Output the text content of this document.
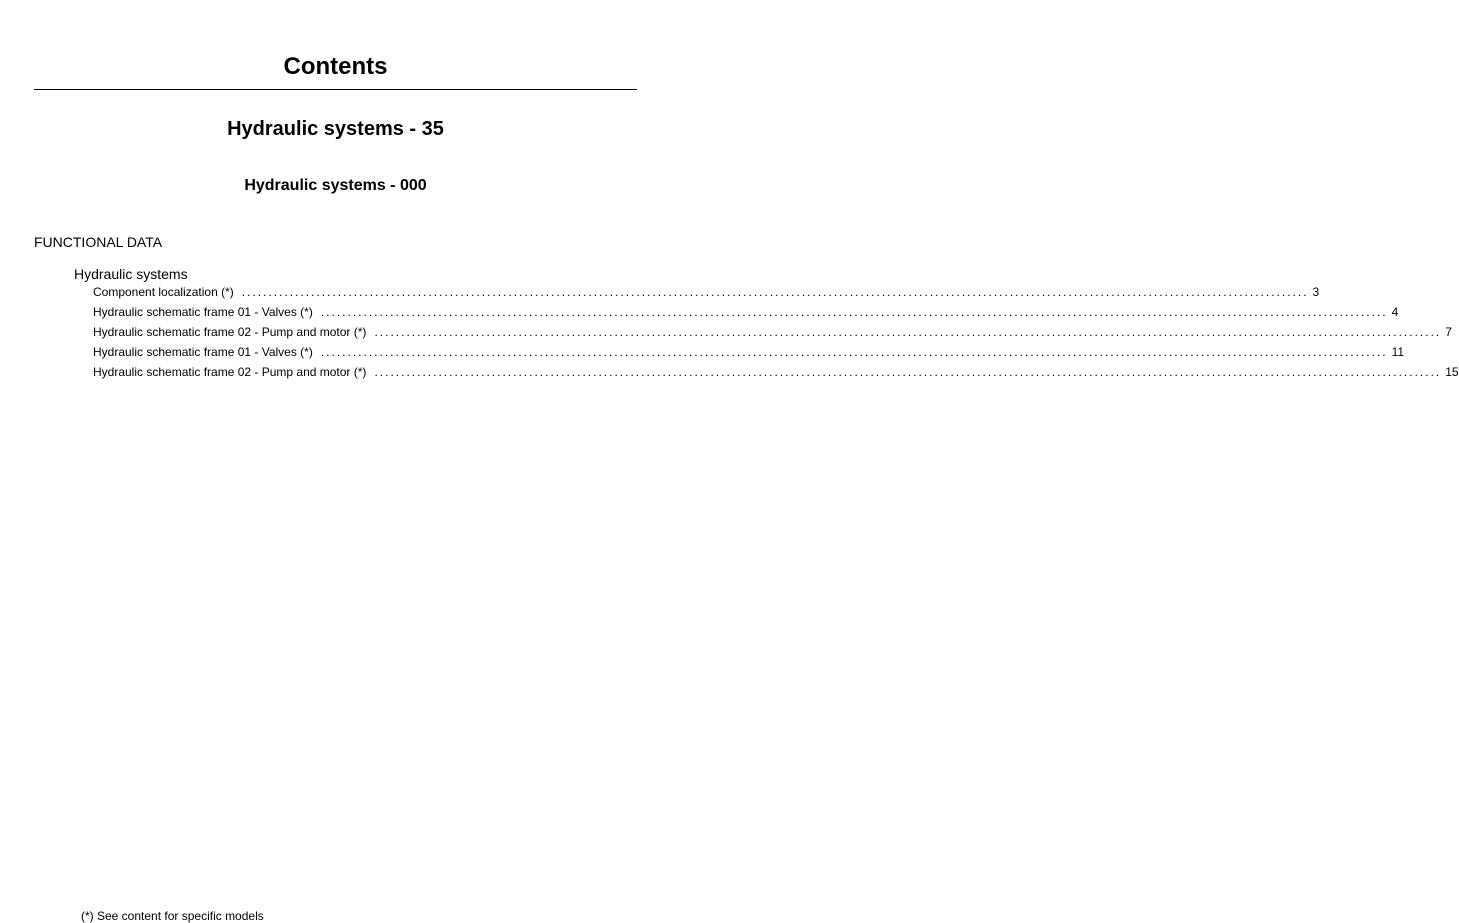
Contents
Hydraulic systems - 35
Hydraulic systems - 000
FUNCTIONAL DATA
Hydraulic systems
Component localization (*) ........................................................................................................................................................................................................ 3
Hydraulic schematic frame 01 - Valves (*) ........................................................................................................................................................................................................ 4
Hydraulic schematic frame 02 - Pump and motor (*) ........................................................................................................................................................................................................ 7
Hydraulic schematic frame 01 - Valves (*) ........................................................................................................................................................................................................ 11
Hydraulic schematic frame 02 - Pump and motor (*) ........................................................................................................................................................................................................ 15
(*) See content for specific models
